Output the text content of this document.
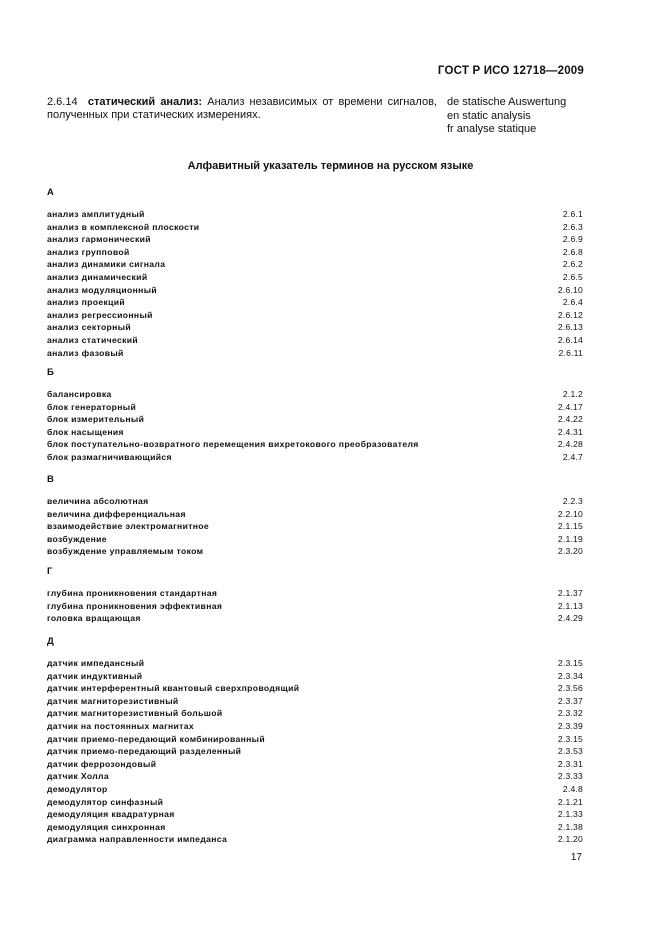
ГОСТ Р ИСО 12718—2009
2.6.14 статический анализ: Анализ независимых от времени сигналов, полученных при статических измерениях.
de statische Auswertung
en static analysis
fr analyse statique
Алфавитный указатель терминов на русском языке
А
анализ амплитудный	2.6.1
анализ в комплексной плоскости	2.6.3
анализ гармонический	2.6.9
анализ групповой	2.6.8
анализ динамики сигнала	2.6.2
анализ динамический	2.6.5
анализ модуляционный	2.6.10
анализ проекций	2.6.4
анализ регрессионный	2.6.12
анализ секторный	2.6.13
анализ статический	2.6.14
анализ фазовый	2.6.11
Б
балансировка	2.1.2
блок генераторный	2.4.17
блок измерительный	2.4.22
блок насыщения	2.4.31
блок поступательно-возвратного перемещения вихретокового преобразователя	2.4.28
блок размагничивающийся	2.4.7
В
величина абсолютная	2.2.3
величина дифференциальная	2.2.10
взаимодействие электромагнитное	2.1.15
возбуждение	2.1.19
возбуждение управляемым током	2.3.20
Г
глубина проникновения стандартная	2.1.37
глубина проникновения эффективная	2.1.13
головка вращающая	2.4.29
Д
датчик импедансный	2.3.15
датчик индуктивный	2.3.34
датчик интерферентный квантовый сверхпроводящий	2.3.56
датчик магниторезистивный	2.3.37
датчик магниторезистивный большой	2.3.32
датчик на постоянных магнитах	2.3.39
датчик приемо-передающий комбинированный	2.3.15
датчик приемо-передающий разделенный	2.3.53
датчик феррозондовый	2.3.31
датчик Холла	2.3.33
демодулятор	2.4.8
демодулятор синфазный	2.1.21
демодуляция квадратурная	2.1.33
демодуляция синхронная	2.1.38
диаграмма направленности импеданса	2.1.20
17
